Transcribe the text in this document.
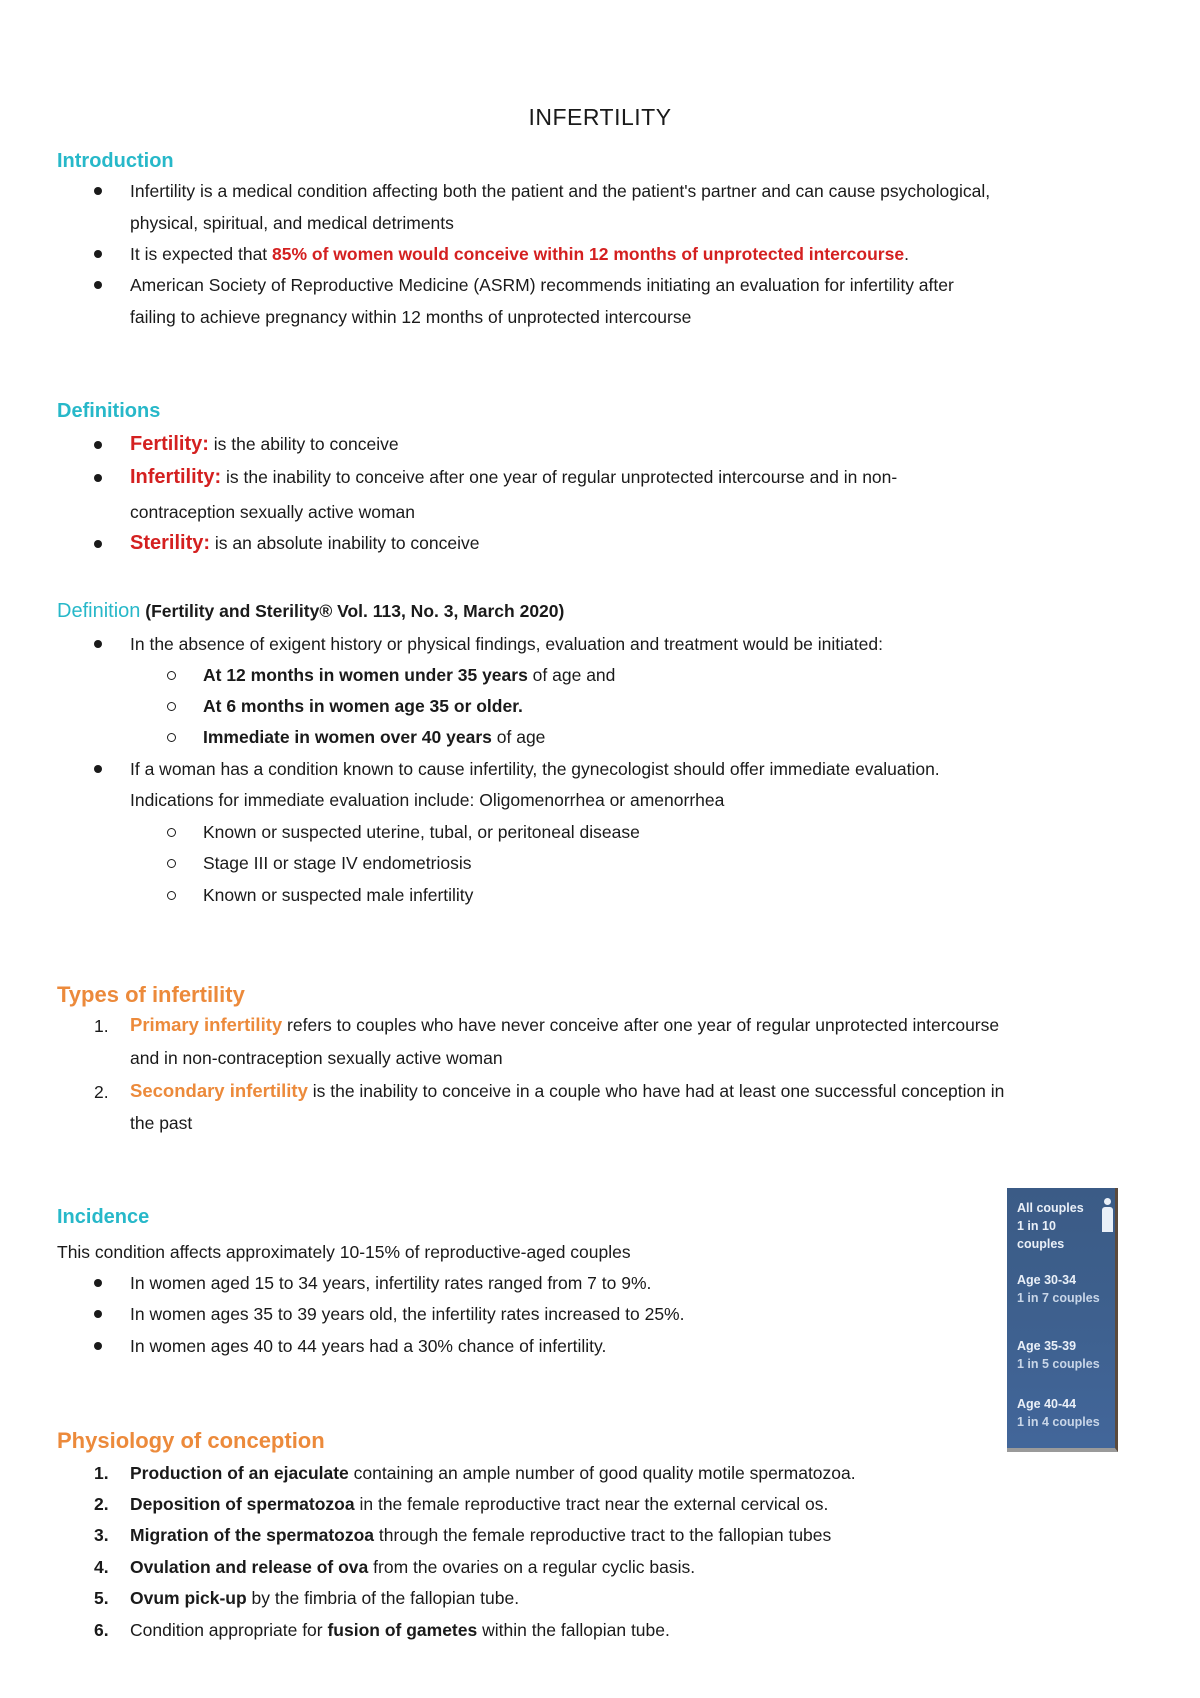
INFERTILITY
Introduction
Infertility is a medical condition affecting both the patient and the patient's partner and can cause psychological,
physical, spiritual, and medical detriments
It is expected that 85% of women would conceive within 12 months of unprotected intercourse.
American Society of Reproductive Medicine (ASRM) recommends initiating an evaluation for infertility after
failing to achieve pregnancy within 12 months of unprotected intercourse
Definitions
Fertility: is the ability to conceive
Infertility: is the inability to conceive after one year of regular unprotected intercourse and in non-
contraception sexually active woman
Sterility: is an absolute inability to conceive
Definition (Fertility and Sterility® Vol. 113, No. 3, March 2020)
In the absence of exigent history or physical findings, evaluation and treatment would be initiated:
At 12 months in women under 35 years of age and
At 6 months in women age 35 or older.
Immediate in women over 40 years of age
If a woman has a condition known to cause infertility, the gynecologist should offer immediate evaluation.
Indications for immediate evaluation include: Oligomenorrhea or amenorrhea
Known or suspected uterine, tubal, or peritoneal disease
Stage III or stage IV endometriosis
Known or suspected male infertility
Types of infertility
1. Primary infertility refers to couples who have never conceive after one year of regular unprotected intercourse
and in non-contraception sexually active woman
2. Secondary infertility is the inability to conceive in a couple who have had at least one successful conception in
the past
Incidence
This condition affects approximately 10-15% of reproductive-aged couples
In women aged 15 to 34 years, infertility rates ranged from 7 to 9%.
In women ages 35 to 39 years old, the infertility rates increased to 25%.
In women ages 40 to 44 years had a 30% chance of infertility.
All couples
1 in 10
couples
Age 30-34
1 in 7 couples
Age 35-39
1 in 5 couples
Age 40-44
1 in 4 couples
Physiology of conception
1. Production of an ejaculate containing an ample number of good quality motile spermatozoa.
2. Deposition of spermatozoa in the female reproductive tract near the external cervical os.
3. Migration of the spermatozoa through the female reproductive tract to the fallopian tubes
4. Ovulation and release of ova from the ovaries on a regular cyclic basis.
5. Ovum pick-up by the fimbria of the fallopian tube.
6. Condition appropriate for fusion of gametes within the fallopian tube.
